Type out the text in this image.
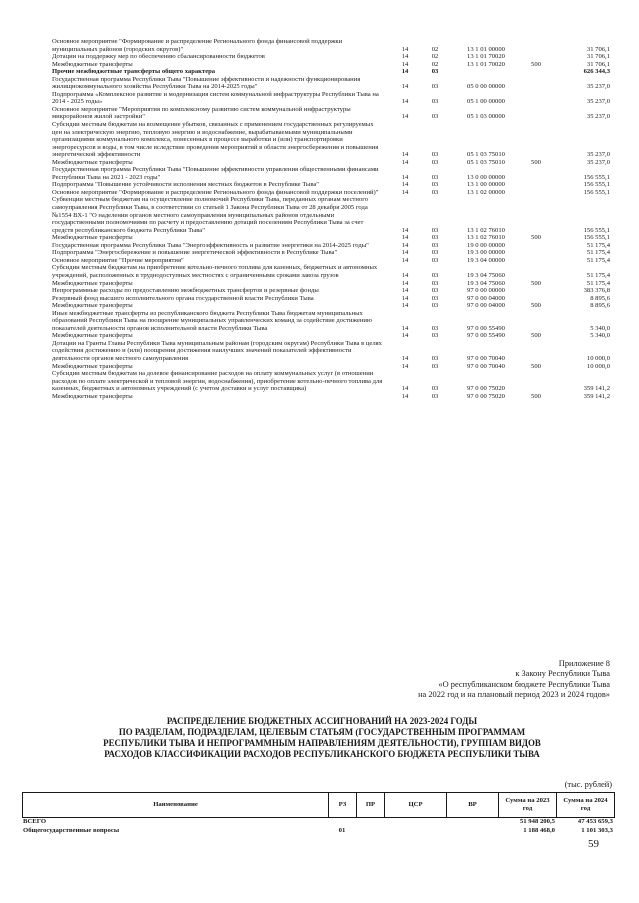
Основное мероприятие "Формирование и распределение Регионального фонда финансовой поддержки муниципальных районов (городских округов)"	14	02	13 1 01 00000		31 706,1
Дотации на поддержку мер по обеспечению сбалансированности бюджетов	14	02	13 1 01 70020		31 706,1
Межбюджетные трансферты	14	02	13 1 01 70020	500	31 706,1
Прочие межбюджетные трансферты общего характера	14	03			626 344,3
Государственная программа Республики Тыва "Повышение эффективности и надежности функционирования жилищнокоммунального хозяйства Республики Тыва на 2014-2025 годы"	14	03	05 0 00 00000		35 237,0
Подпрограмма «Комплексное развитие и модернизация систем коммунальной инфраструктуры Республики Тыва на 2014 - 2025 годы»	14	03	05 1 00 00000		35 237,0
Основное мероприятие "Мероприятия по комплексному развитию систем коммунальной инфраструктуры микрорайонов жилой застройки"	14	03	05 1 03 00000		35 237,0
Субсидии местным бюджетам на возмещение убытков, связанных с применением государственных регулируемых цен на электрическую энергию, тепловую энергию и водоснабжение, вырабатываемыми муниципальными организациями коммунального комплекса, понесенных в процессе выработки и (или) транспортировки энергоресурсов и воды, в том числе вследствие проведения мероприятий в области энергосбережения и повышения энергетической эффективности	14	03	05 1 03 75010		35 237,0
Межбюджетные трансферты	14	03	05 1 03 75010	500	35 237,0
Государственная программа Республики Тыва "Повышение эффективности управления общественными финансами Республики Тыва на 2021 - 2023 годы"	14	03	13 0 00 00000		156 555,1
Подпрограмма "Повышение устойчивости исполнения местных бюджетов в Республике Тыва"	14	03	13 1 00 00000		156 555,1
Основное мероприятие "Формирование и распределение Регионального фонда финансовой поддержки поселений)"	14	03	13 1 02 00000		156 555,1
Субвенции местным бюджетам на осуществление полномочий Республики Тыва, переданных органам местного самоуправления Республики Тыва, в соответствии со статьей 1 Закона Республики Тыва от 28 декабря 2005 года №1554 ВХ-1 "О наделении органов местного самоуправления муниципальных районов отдельными государственными полномочиями по расчету и предоставлению дотаций поселениям Республики Тыва за счет средств республиканского бюджета Республики Тыва"	14	03	13 1 02 76010		156 555,1
Межбюджетные трансферты	14	03	13 1 02 76010	500	156 555,1
Государственная программа Республики Тыва "Энергоэффективность и развитие энергетики на 2014-2025 годы"	14	03	19 0 00 00000		51 175,4
Подпрограмма "Энергосбережение и повышение энергетической эффективности в Республике Тыва"	14	03	19 3 00 00000		51 175,4
Основное мероприятие "Прочие мероприятия"	14	03	19 3 04 00000		51 175,4
Субсидии местным бюджетам на приобретение котельно-печного топлива для казенных, бюджетных и автономных учреждений, расположенных в труднодоступных местностях с ограниченными сроками завоза грузов	14	03	19 3 04 75060		51 175,4
Межбюджетные трансферты	14	03	19 3 04 75060	500	51 175,4
Непрограммные расходы по предоставлению межбюджетных трансфертов и резервные фонды	14	03	97 0 00 00000		383 376,8
Резервный фонд высшего исполнительного органа государственной власти Республики Тыва	14	03	97 0 00 04000		8 895,6
Межбюджетные трансферты	14	03	97 0 00 04000	500	8 895,6
Иные межбюджетные трансферты из республиканского бюджета Республики Тыва бюджетам муниципальных образований Республики Тыва на поощрение муниципальных управленческих команд за содействие достижению показателей деятельности органов исполнительной власти Республики Тыва	14	03	97 0 00 55490		5 340,0
Межбюджетные трансферты	14	03	97 0 00 55490	500	5 340,0
Дотации на Гранты Главы Республики Тыва муниципальным районам (городским округам) Республики Тыва в целях содействия достижению и (или) поощрения достижения наилучших значений показателей эффективности деятельности органов местного самоуправления	14	03	97 0 00 70040		10 000,0
Межбюджетные трансферты	14	03	97 0 00 70040	500	10 000,0
Субсидии местным бюджетам на долевое финансирование расходов на оплату коммунальных услуг (в отношении расходов по оплате электрической и тепловой энергии, водоснабжения), приобретение котельно-печного топлива для казенных, бюджетных и автономных учреждений (с учетом доставки и услуг поставщика)	14	03	97 0 00 75020		359 141,2
Межбюджетные трансферты	14	03	97 0 00 75020	500	359 141,2
Приложение 8
к Закону Республики Тыва
«О республиканском бюджете Республики Тыва
на 2022 год и на плановый период 2023 и 2024 годов»
РАСПРЕДЕЛЕНИЕ БЮДЖЕТНЫХ АССИГНОВАНИЙ НА 2023-2024 ГОДЫ
ПО РАЗДЕЛАМ, ПОДРАЗДЕЛАМ, ЦЕЛЕВЫМ СТАТЬЯМ (ГОСУДАРСТВЕННЫМ ПРОГРАММАМ
РЕСПУБЛИКИ ТЫВА И НЕПРОГРАММНЫМ НАПРАВЛЕНИЯМ ДЕЯТЕЛЬНОСТИ), ГРУППАМ ВИДОВ
РАСХОДОВ КЛАССИФИКАЦИИ РАСХОДОВ РЕСПУБЛИКАНСКОГО БЮДЖЕТА РЕСПУБЛИКИ ТЫВА
(тыс. рублей)
Наименование	РЗ	ПР	ЦСР	ВР	Сумма на 2023 год	Сумма на 2024 год
ВСЕГО					51 948 200,5	47 453 659,3
Общегосударственные вопросы	01				1 188 468,0	1 101 303,3
59
